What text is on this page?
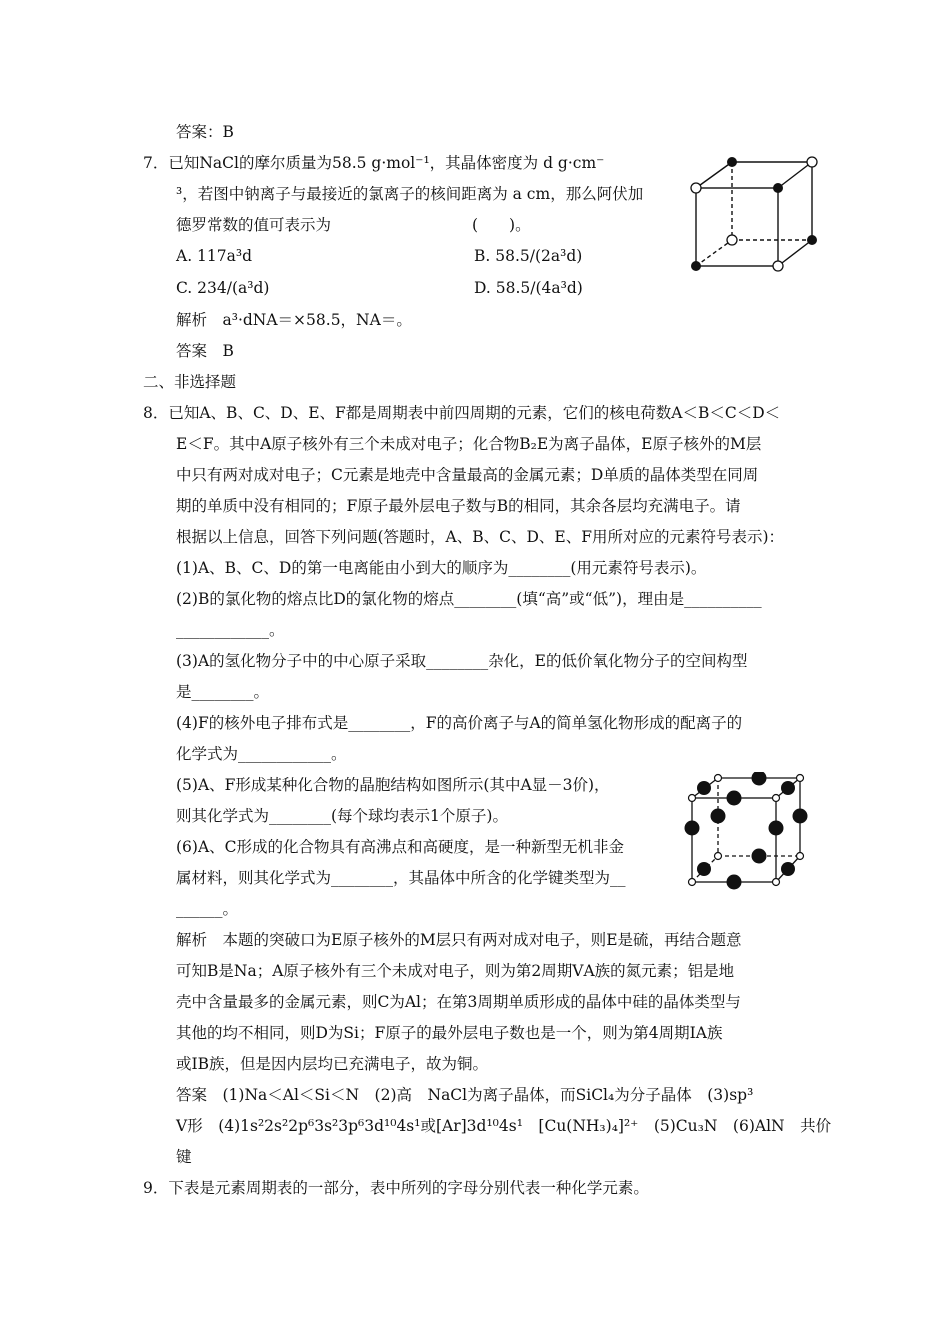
答案：B
7．已知NaCl的摩尔质量为58.5 g·mol⁻¹，其晶体密度为 d g·cm⁻
³，若图中钠离子与最接近的氯离子的核间距离为 a cm，那么阿伏加
德罗常数的值可表示为	(　　)。
A. 117a³d	B. 58.5/(2a³d)
C. 234/(a³d)	D. 58.5/(4a³d)
解析　a³·dNA＝×58.5，NA＝。
答案　B
二、非选择题
8．已知A、B、C、D、E、F都是周期表中前四周期的元素，它们的核电荷数A＜B＜C＜D＜
E＜F。其中A原子核外有三个未成对电子；化合物B₂E为离子晶体，E原子核外的M层
中只有两对成对电子；C元素是地壳中含量最高的金属元素；D单质的晶体类型在同周
期的单质中没有相同的；F原子最外层电子数与B的相同，其余各层均充满电子。请
根据以上信息，回答下列问题(答题时，A、B、C、D、E、F用所对应的元素符号表示)：
(1)A、B、C、D的第一电离能由小到大的顺序为________(用元素符号表示)。
(2)B的氯化物的熔点比D的氯化物的熔点________(填“高”或“低”)，理由是__________
____________。
(3)A的氢化物分子中的中心原子采取________杂化，E的低价氧化物分子的空间构型
是________。
(4)F的核外电子排布式是________，F的高价离子与A的简单氢化物形成的配离子的
化学式为____________。
(5)A、F形成某种化合物的晶胞结构如图所示(其中A显－3价)，
则其化学式为________(每个球均表示1个原子)。
(6)A、C形成的化合物具有高沸点和高硬度，是一种新型无机非金
属材料，则其化学式为________，其晶体中所含的化学键类型为__
______。
解析　本题的突破口为E原子核外的M层只有两对成对电子，则E是硫，再结合题意
可知B是Na；A原子核外有三个未成对电子，则为第2周期ⅤA族的氮元素；铝是地
壳中含量最多的金属元素，则C为Al；在第3周期单质形成的晶体中硅的晶体类型与
其他的均不相同，则D为Si；F原子的最外层电子数也是一个，则为第4周期ⅠA族
或ⅠB族，但是因内层均已充满电子，故为铜。
答案　(1)Na＜Al＜Si＜N　(2)高　NaCl为离子晶体，而SiCl₄为分子晶体　(3)sp³
V形　(4)1s²2s²2p⁶3s²3p⁶3d¹⁰4s¹或[Ar]3d¹⁰4s¹　[Cu(NH₃)₄]²⁺　(5)Cu₃N　(6)AlN　共价
键
9．下表是元素周期表的一部分，表中所列的字母分别代表一种化学元素。
